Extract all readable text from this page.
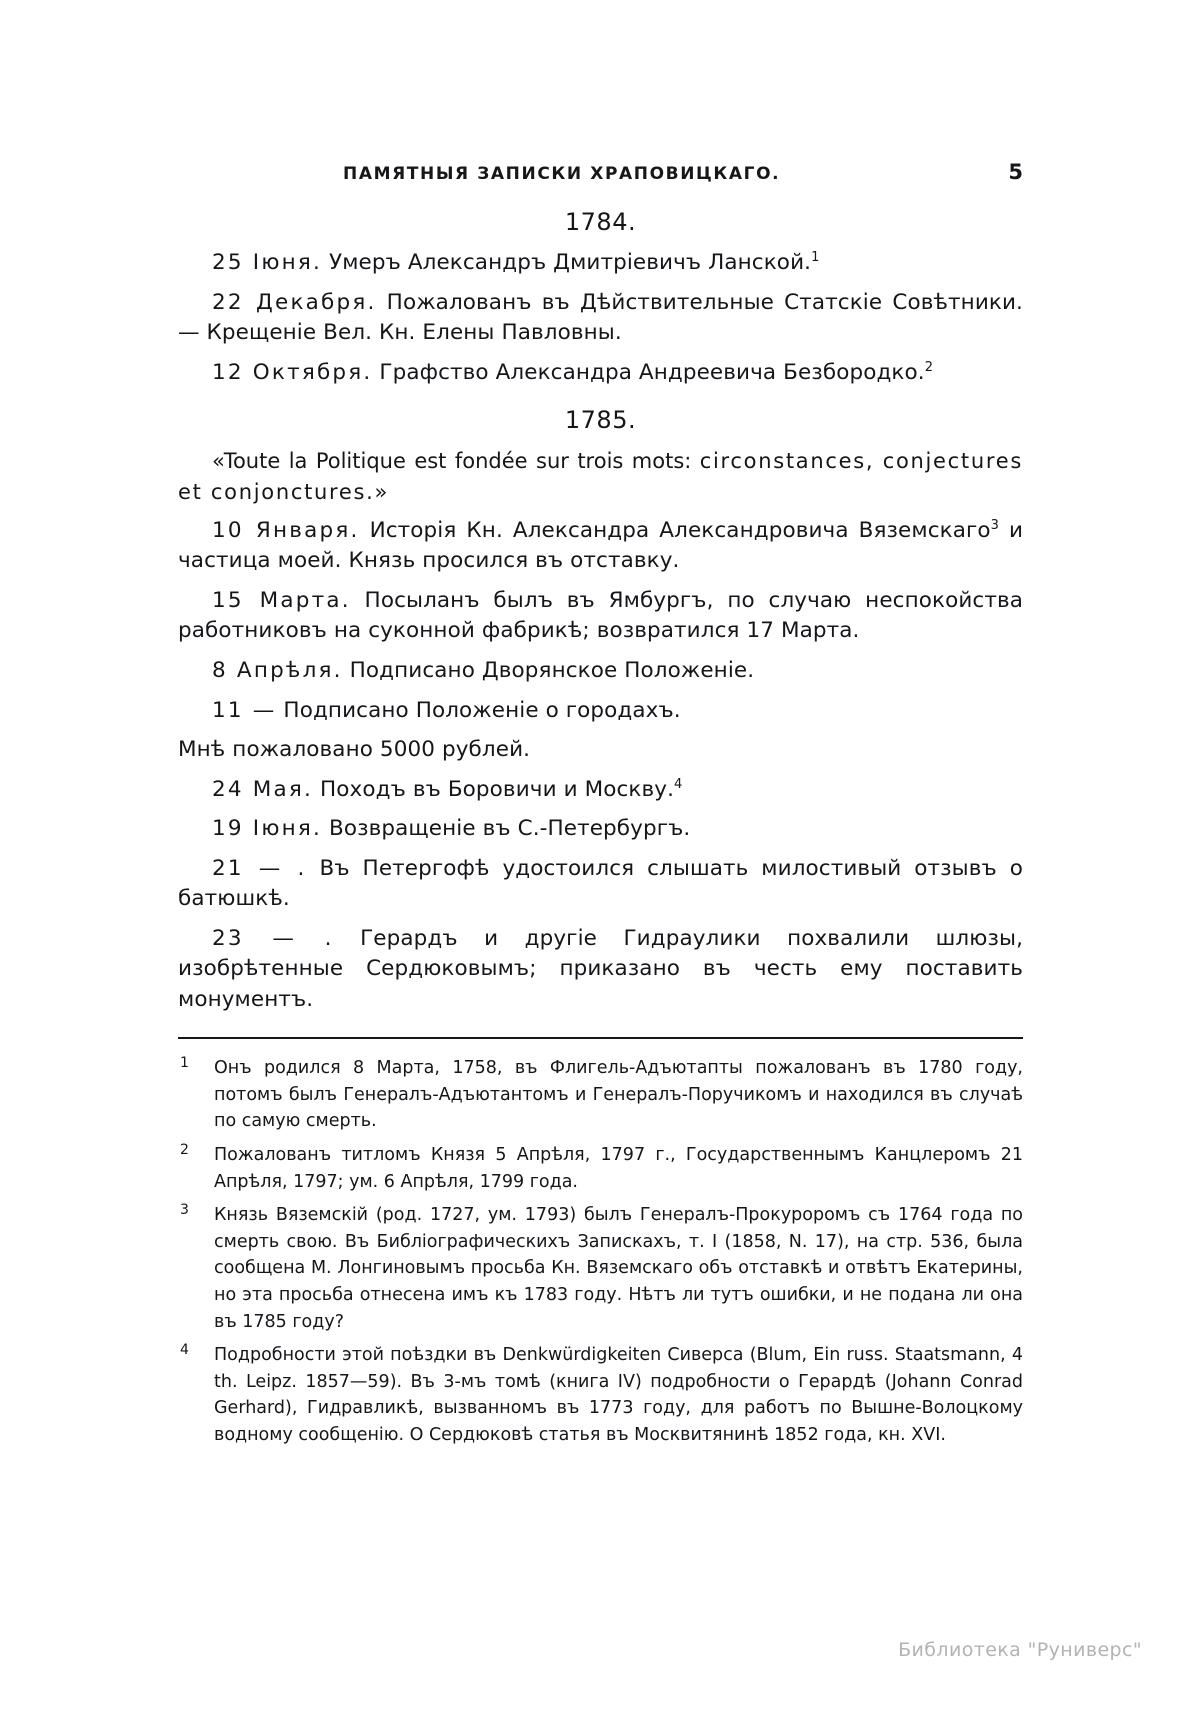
ПАМЯТНЫЯ ЗАПИСКИ ХРАПОВИЦКАГО.	5
1784.

25 Iюня. Умеръ Александръ Дмитрiевичъ Ланской.$^1$

22 Декабря. Пожалованъ въ Дѣйствительные Статскiе Совѣтники. — Крещенiе Вел. Кн. Елены Павловны.

12 Октября. Графство Александра Андреевича Безбородко.$^2$

1785.

«Toute la Politique est fondée sur trois mots: circonstances, conjectures et conjonctures.»

10 Января. Исторiя Кн. Александра Александровича Вяземскаго$^3$ и частица моей. Князь просился въ отставку.

15 Марта. Посыланъ былъ въ Ямбургъ, по случаю неспокойства работниковъ на суконной фабрикѣ; возвратился 17 Марта.

8 Апрѣля. Подписано Дворянское Положенiе.

11 — Подписано Положенiе о городахъ.

Мнѣ пожаловано 5000 рублей.

24 Мая. Походъ въ Боровичи и Москву.$^4$

19 Iюня. Возвращенiе въ С.-Петербургъ.

21 — . Въ Петергофѣ удостоился слышать милостивый отзывъ о батюшкѣ.

23 — . Герардъ и другiе Гидраулики похвалили шлюзы, изобрѣтенные Сердюковымъ; приказано въ честь ему поставить монументъ.

1 Онъ родился 8 Марта, 1758, въ Флигель-Адъютапты пожалованъ въ 1780 году, потомъ былъ Генералъ-Адъютантомъ и Генералъ-Поручикомъ и находился въ случаѣ по самую смерть.
2 Пожалованъ титломъ Князя 5 Апрѣля, 1797 г., Государственнымъ Канцлеромъ 21 Апрѣля, 1797; ум. 6 Апрѣля, 1799 года.
3 Князь Вяземскiй (род. 1727, ум. 1793) былъ Генералъ-Прокуроромъ съ 1764 года по смерть свою. Въ Библiографическихъ Запискахъ, т. I (1858, N. 17), на стр. 536, была сообщена М. Лонгиновымъ просьба Кн. Вяземскаго объ отставкѣ и отвѣтъ Екатерины, но эта просьба отнесена имъ къ 1783 году. Нѣтъ ли тутъ ошибки, и не подана ли она въ 1785 году?
4 Подробности этой поѣздки въ Denkwürdigkeiten Сиверса (Blum, Ein russ. Staatsmann, 4 th. Leipz. 1857—59). Въ 3-мъ томѣ (книга IV) подробности о Герардѣ (Johann Conrad Gerhard), Гидравликѣ, вызванномъ въ 1773 году, для работъ по Вышне-Волоцкому водному сообщенiю. О Сердюковѣ статья въ Москвитянинѣ 1852 года, кн. XVI.
Библиотека "Руниверс"
